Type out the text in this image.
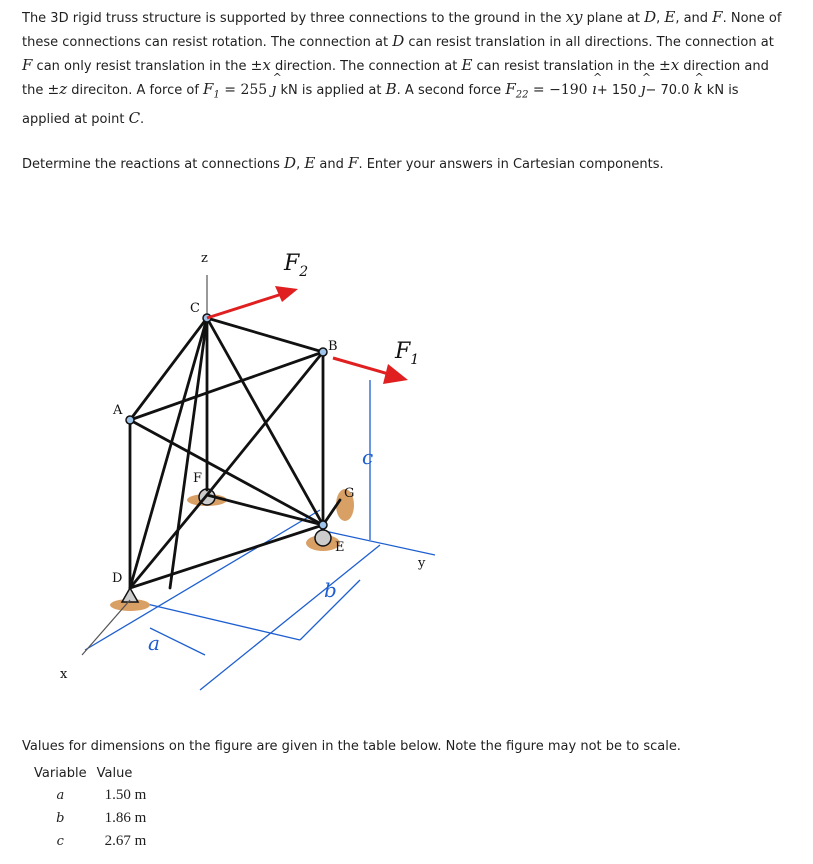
The 3D rigid truss structure is supported by three connections to the ground in the xy plane at D, E, and F. None of these connections can resist rotation. The connection at D can resist translation in all directions. The connection at F can only resist translation in the ±x direction. The connection at E can resist translation in the ±x direction and the ±z direciton. A force of $F_1 = 255$ ȷ ^ kN is applied at B. A second force $F_{22} = -190$ ı ^+ 150 ȷ ^− 70.0 k ^ kN is applied at point C.
Determine the reactions at connections D, E and F. Enter your answers in Cartesian components.
z
y
x
C
B
A
F
G
E
D
$F_2$
$F_1$
a
b
c
Values for dimensions on the figure are given in the table below. Note the figure may not be to scale.
Variable	Value
a	1.50 m
b	1.86 m
c	2.67 m
